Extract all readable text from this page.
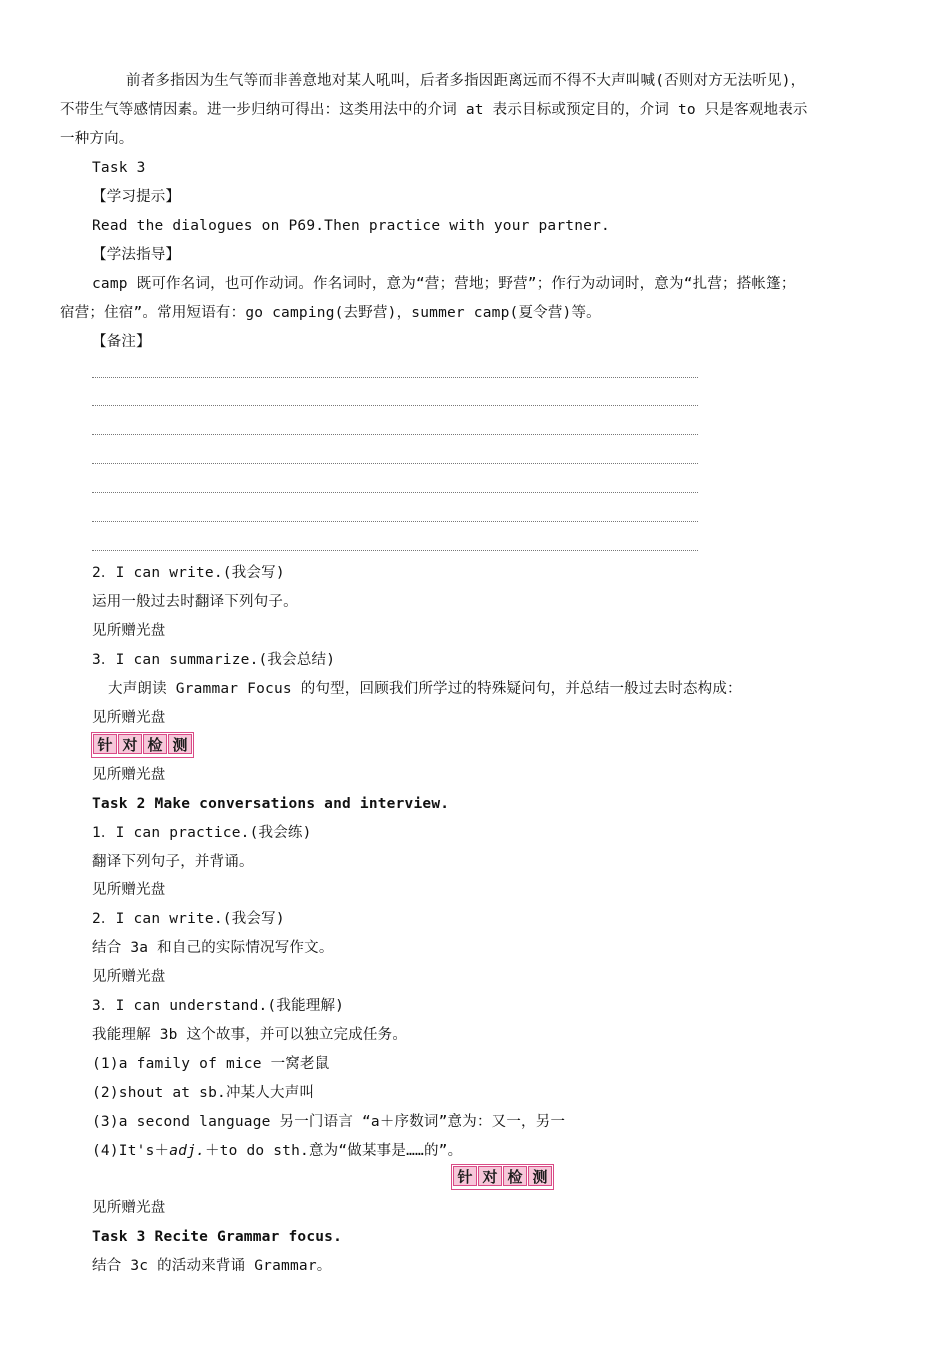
前者多指因为生气等而非善意地对某人吼叫，后者多指因距离远而不得不大声叫喊(否则对方无法听见)，
不带生气等感情因素。进一步归纳可得出：这类用法中的介词 at 表示目标或预定目的，介词 to 只是客观地表示
一种方向。
Task 3
【学习提示】
Read the dialogues on P69.Then practice with your partner.
【学法指导】
camp 既可作名词，也可作动词。作名词时，意为“营；营地；野营”；作行为动词时，意为“扎营；搭帐篷；
宿营；住宿”。常用短语有：go camping(去野营)，summer camp(夏令营)等。
【备注】
2．I can write.(我会写)
运用一般过去时翻译下列句子。
见所赠光盘
3．I can summarize.(我会总结)
大声朗读 Grammar Focus 的句型，回顾我们所学过的特殊疑问句，并总结一般过去时态构成：
见所赠光盘
针 对 检 测
见所赠光盘
Task 2 Make conversations and interview.
1．I can practice.(我会练)
翻译下列句子，并背诵。
见所赠光盘
2．I can write.(我会写)
结合 3a 和自己的实际情况写作文。
见所赠光盘
3．I can understand.(我能理解)
我能理解 3b 这个故事，并可以独立完成任务。
(1)a family of mice 一窝老鼠
(2)shout at sb.冲某人大声叫
(3)a second language 另一门语言 “a＋序数词”意为：又一，另一
(4)It's＋adj.＋to do sth.意为“做某事是……的”。
针 对 检 测
见所赠光盘
Task 3 Recite Grammar focus.
结合 3c 的活动来背诵 Grammar。
